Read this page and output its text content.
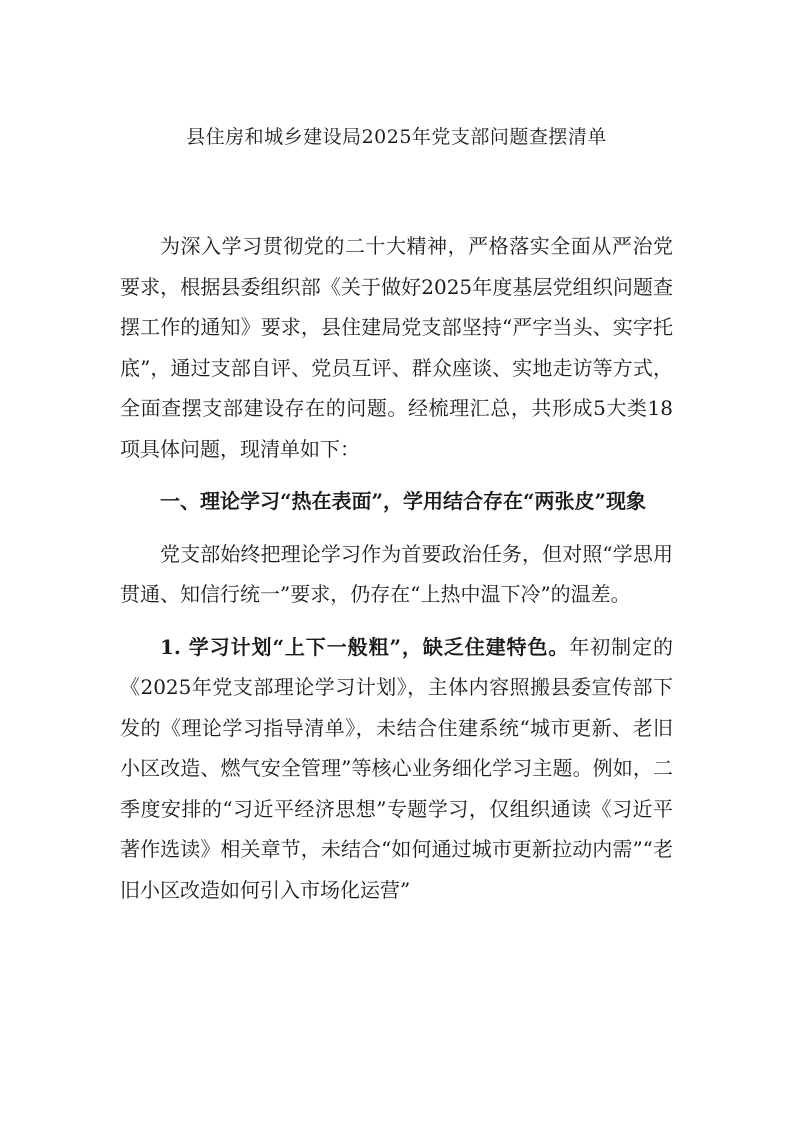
县住房和城乡建设局2025年党支部问题查摆清单

为深入学习贯彻党的二十大精神，严格落实全面从严治党要求，根据县委组织部《关于做好2025年度基层党组织问题查摆工作的通知》要求，县住建局党支部坚持“严字当头、实字托底”，通过支部自评、党员互评、群众座谈、实地走访等方式，全面查摆支部建设存在的问题。经梳理汇总，共形成5大类18项具体问题，现清单如下：

一、理论学习“热在表面”，学用结合存在“两张皮”现象

党支部始终把理论学习作为首要政治任务，但对照“学思用贯通、知信行统一”要求，仍存在“上热中温下冷”的温差。

1. 学习计划“上下一般粗”，缺乏住建特色。年初制定的《2025年党支部理论学习计划》，主体内容照搬县委宣传部下发的《理论学习指导清单》，未结合住建系统“城市更新、老旧小区改造、燃气安全管理”等核心业务细化学习主题。例如，二季度安排的“习近平经济思想”专题学习，仅组织通读《习近平著作选读》相关章节，未结合“如何通过城市更新拉动内需”“老旧小区改造如何引入市场化运营”
